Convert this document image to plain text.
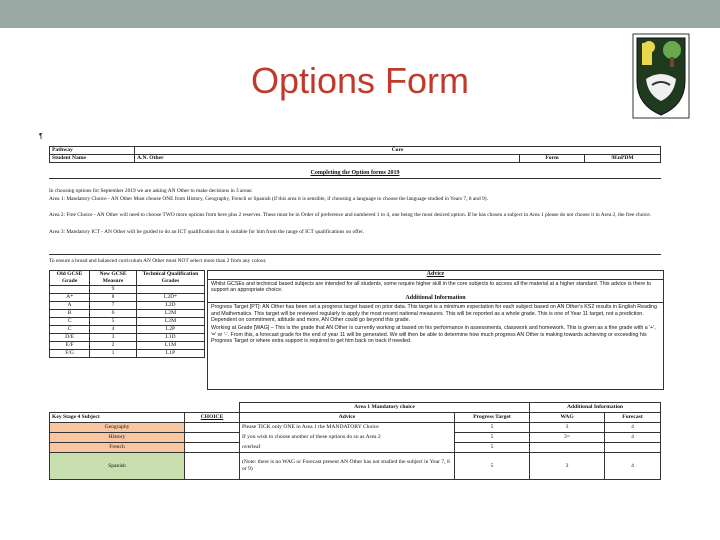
Options Form
¶
Pathway	Core		
Student Name	A.N. Other	Form	9EnPDM
Completing the Option forms 2019
In choosing options for September 2019 we are asking AN Other to make decisions in 3 areas:
Area 1: Mandatory Choice - AN Other Must choose ONE from History, Geography, French or Spanish (if this area it is sensible, if choosing a language to choose the language studied in Years 7, 8 and 9).
Area 2: Free Choice - AN Other will need to choose TWO more options from here plus 2 reserves. These must be in Order of preference and numbered 1 to 4, one being the most desired option. If he has chosen a subject in Area 1 please do not choose it in Area 2, the free choice.
Area 3: Mandatory ICT - AN Other will be guided to do an ICT qualification that is suitable for him from the range of ICT qualifications on offer.
To ensure a broad and balanced curriculum AN Other must NOT select more than 2 from any colour.
Old GCSE Grade	New GCSE Measure	Technical Qualification Grades
	9	
A*	8	L2D*
A	7	L2D
B	6	L2M
C	5	L2M
C	4	L2P
D/E	3	L1D
E/F	2	L1M
F/G	1	L1P
Advice

Whilst GCSEs and technical based subjects are intended for all students, some require higher skill in the core subjects to access all the material at a higher standard. This advice is there to support an appropriate choice.

Additional Information

Progress Target [PT]: AN Other has been set a progress target based on prior data. This target is a minimum expectation for each subject based on AN Other's KS2 results in English Reading and Mathematics. This target will be reviewed regularly to apply the most recent national measures. This will be reported as a whole grade. This is one of Year 11 target, not a prediction. Dependent on commitment, attitude and more, AN Other could go beyond this grade.

Working at Grade [WAG] – This is the grade that AN Other is currently working at based on his performance in assessments, classwork and homework. This is given as a fine grade with a '+', '=' or '-'. From this, a forecast grade for the end of year 11 will be generated. We will then be able to determine how much progress AN Other is making towards achieving or exceeding his Progress Target or where extra support is required to get him back on track if needed.

		Area 1 Mandatory choice		Additional Information	
Key Stage 4 Subject	CHOICE	Advice	Progress Target	WAG	Forecast
Geography		Please TICK only ONE in Area 1 the MANDATORY Choice	5	3	4
History		If you wish to choose another of these options do so as Area 2	5	3=	4
French		overleaf	5		
Spanish		(Note: there is no WAG or Forecast present AN Other has not studied the subject in Year 7, 8 or 9)	5	3	4
